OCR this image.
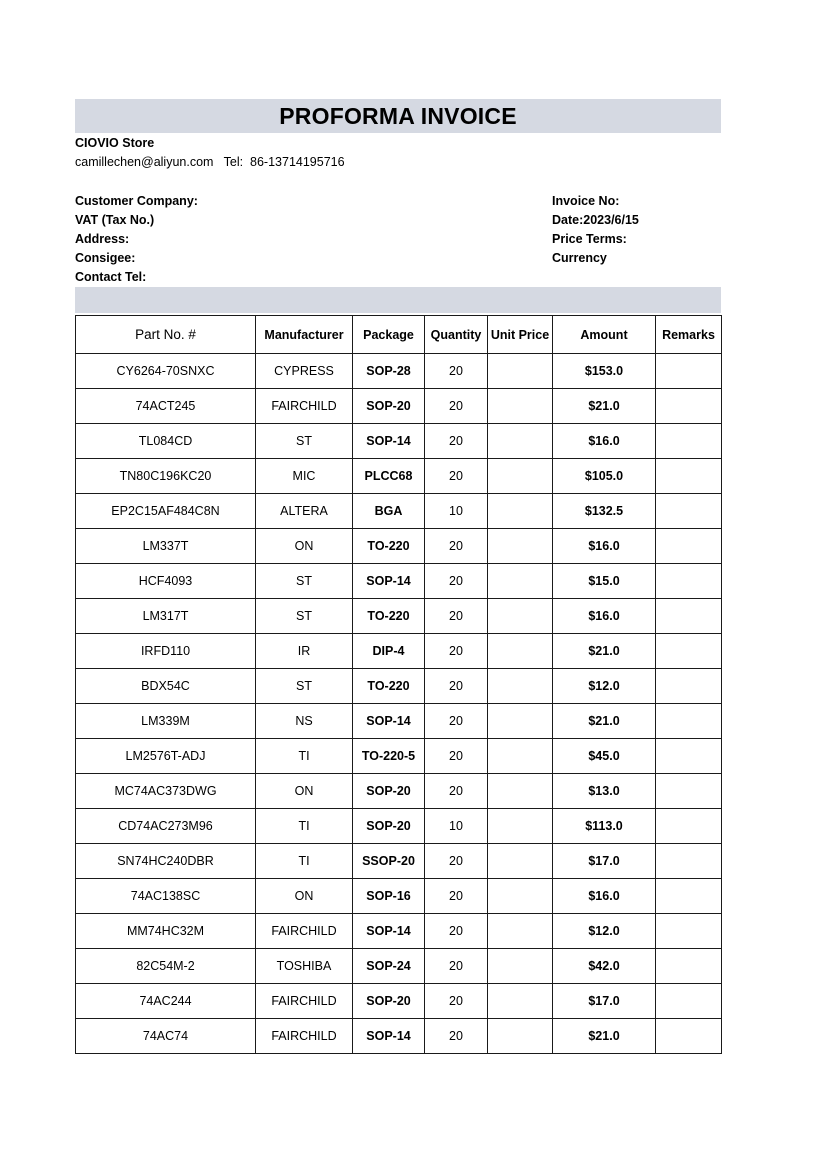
PROFORMA INVOICE
CIOVIO Store
camillechen@aliyun.com   Tel:  86-13714195716
Customer Company:
VAT (Tax No.)
Address:
Consigee:
Contact Tel:
Invoice No:
Date:2023/6/15
Price Terms:
Currency
Part No. #	Manufacturer	Package	Quantity	Unit Price	Amount	Remarks
CY6264-70SNXC	CYPRESS	SOP-28	20		$153.0	
74ACT245	FAIRCHILD	SOP-20	20		$21.0	
TL084CD	ST	SOP-14	20		$16.0	
TN80C196KC20	MIC	PLCC68	20		$105.0	
EP2C15AF484C8N	ALTERA	BGA	10		$132.5	
LM337T	ON	TO-220	20		$16.0	
HCF4093	ST	SOP-14	20		$15.0	
LM317T	ST	TO-220	20		$16.0	
IRFD110	IR	DIP-4	20		$21.0	
BDX54C	ST	TO-220	20		$12.0	
LM339M	NS	SOP-14	20		$21.0	
LM2576T-ADJ	TI	TO-220-5	20		$45.0	
MC74AC373DWG	ON	SOP-20	20		$13.0	
CD74AC273M96	TI	SOP-20	10		$113.0	
SN74HC240DBR	TI	SSOP-20	20		$17.0	
74AC138SC	ON	SOP-16	20		$16.0	
MM74HC32M	FAIRCHILD	SOP-14	20		$12.0	
82C54M-2	TOSHIBA	SOP-24	20		$42.0	
74AC244	FAIRCHILD	SOP-20	20		$17.0	
74AC74	FAIRCHILD	SOP-14	20		$21.0	
